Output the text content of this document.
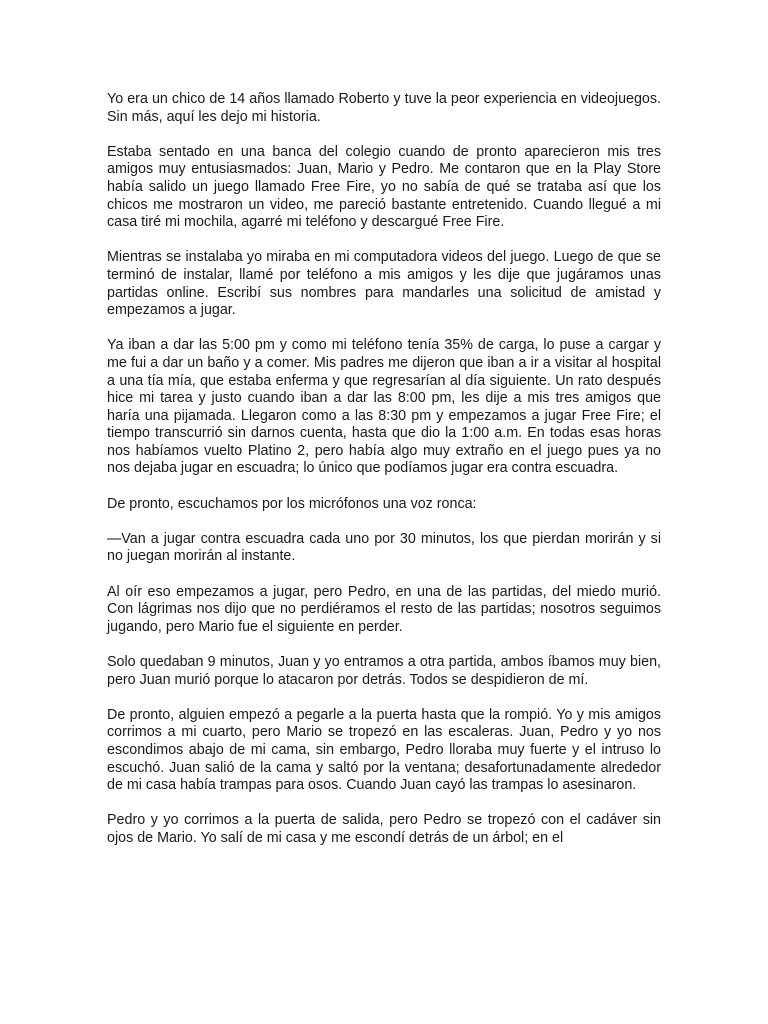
Yo era un chico de 14 años llamado Roberto y tuve la peor experiencia en videojuegos. Sin más, aquí les dejo mi historia.

Estaba sentado en una banca del colegio cuando de pronto aparecieron mis tres amigos muy entusiasmados: Juan, Mario y Pedro. Me contaron que en la Play Store había salido un juego llamado Free Fire, yo no sabía de qué se trataba así que los chicos me mostraron un video, me pareció bastante entretenido. Cuando llegué a mi casa tiré mi mochila, agarré mi teléfono y descargué Free Fire.

Mientras se instalaba yo miraba en mi computadora videos del juego. Luego de que se terminó de instalar, llamé por teléfono a mis amigos y les dije que jugáramos unas partidas online. Escribí sus nombres para mandarles una solicitud de amistad y empezamos a jugar.

Ya iban a dar las 5:00 pm y como mi teléfono tenía 35% de carga, lo puse a cargar y me fui a dar un baño y a comer. Mis padres me dijeron que iban a ir a visitar al hospital a una tía mía, que estaba enferma y que regresarían al día siguiente. Un rato después hice mi tarea y justo cuando iban a dar las 8:00 pm, les dije a mis tres amigos que haría una pijamada. Llegaron como a las 8:30 pm y empezamos a jugar Free Fire; el tiempo transcurrió sin darnos cuenta, hasta que dio la 1:00 a.m. En todas esas horas nos habíamos vuelto Platino 2, pero había algo muy extraño en el juego pues ya no nos dejaba jugar en escuadra; lo único que podíamos jugar era contra escuadra.

De pronto, escuchamos por los micrófonos una voz ronca:

—Van a jugar contra escuadra cada uno por 30 minutos, los que pierdan morirán y si no juegan morirán al instante.

Al oír eso empezamos a jugar, pero Pedro, en una de las partidas, del miedo murió. Con lágrimas nos dijo que no perdiéramos el resto de las partidas; nosotros seguimos jugando, pero Mario fue el siguiente en perder.

Solo quedaban 9 minutos, Juan y yo entramos a otra partida, ambos íbamos muy bien, pero Juan murió porque lo atacaron por detrás. Todos se despidieron de mí.

De pronto, alguien empezó a pegarle a la puerta hasta que la rompió. Yo y mis amigos corrimos a mi cuarto, pero Mario se tropezó en las escaleras. Juan, Pedro y yo nos escondimos abajo de mi cama, sin embargo, Pedro lloraba muy fuerte y el intruso lo escuchó. Juan salió de la cama y saltó por la ventana; desafortunadamente alrededor de mi casa había trampas para osos. Cuando Juan cayó las trampas lo asesinaron.

Pedro y yo corrimos a la puerta de salida, pero Pedro se tropezó con el cadáver sin ojos de Mario. Yo salí de mi casa y me escondí detrás de un árbol; en el
